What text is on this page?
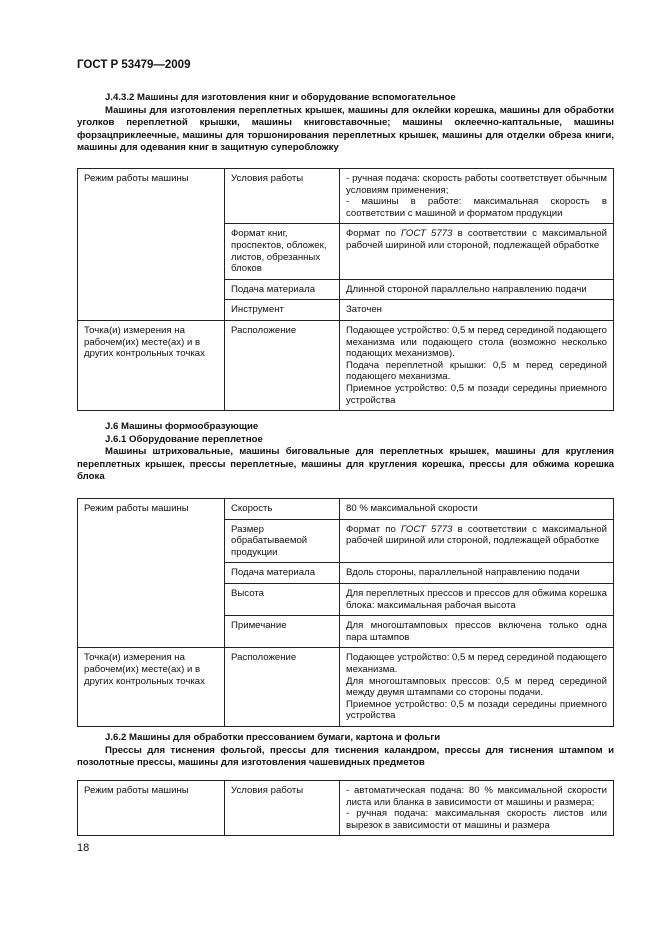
ГОСТ Р 53479—2009
J.4.3.2 Машины для изготовления книг и оборудование вспомогательное
Машины для изготовления переплетных крышек, машины для оклейки корешка, машины для обработки уголков переплетной крышки, машины книговставочные; машины оклеечно-каптальные, машины форзацприклеечные, машины для торшонирования переплетных крышек, машины для отделки обреза книги, машины для одевания книг в защитную суперобложку
Режим работы машины	Условия работы	- ручная подача: скорость работы соответствует обычным условиям применения;
- машины в работе: максимальная скорость в соответствии с машиной и форматом продукции
	Формат книг, проспектов, обложек, листов, обрезанных блоков	Формат по ГОСТ 5773 в соответствии с максимальной рабочей шириной или стороной, подлежащей обработке
	Подача материала	Длинной стороной параллельно направлению подачи
	Инструмент	Заточен
Точка(и) измерения на рабочем(их) месте(ах) и в других контрольных точках	Расположение	Подающее устройство: 0,5 м перед серединой подающего механизма или подающего стола (возможно несколько подающих механизмов).
Подача переплетной крышки: 0,5 м перед серединой подающего механизма.
Приемное устройство: 0,5 м позади середины приемного устройства
J.6 Машины формообразующие
J.6.1 Оборудование переплетное
Машины штриховальные, машины биговальные для переплетных крышек, машины для кругления переплетных крышек, прессы переплетные, машины для кругления корешка, прессы для обжима корешка блока
Режим работы машины	Скорость	80 % максимальной скорости
	Размер обрабатываемой продукции	Формат по ГОСТ 5773 в соответствии с максимальной рабочей шириной или стороной, подлежащей обработке
	Подача материала	Вдоль стороны, параллельной направлению подачи
	Высота	Для переплетных прессов и прессов для обжима корешка блока: максимальная рабочая высота
	Примечание	Для многоштамповых прессов включена только одна пара штампов
Точка(и) измерения на рабочем(их) месте(ах) и в других контрольных точках	Расположение	Подающее устройство: 0,5 м перед серединой подающего механизма.
Для многоштамповых прессов: 0,5 м перед серединой между двумя штампами со стороны подачи.
Приемное устройство: 0,5 м позади середины приемного устройства
J.6.2 Машины для обработки прессованием бумаги, картона и фольги
Прессы для тиснения фольгой, прессы для тиснения каландром, прессы для тиснения штампом и позолотные прессы, машины для изготовления чашевидных предметов
Режим работы машины	Условия работы	- автоматическая подача: 80 % максимальной скорости листа или бланка в зависимости от машины и размера;
- ручная подача: максимальная скорость листов или вырезок в зависимости от машины и размера
18
